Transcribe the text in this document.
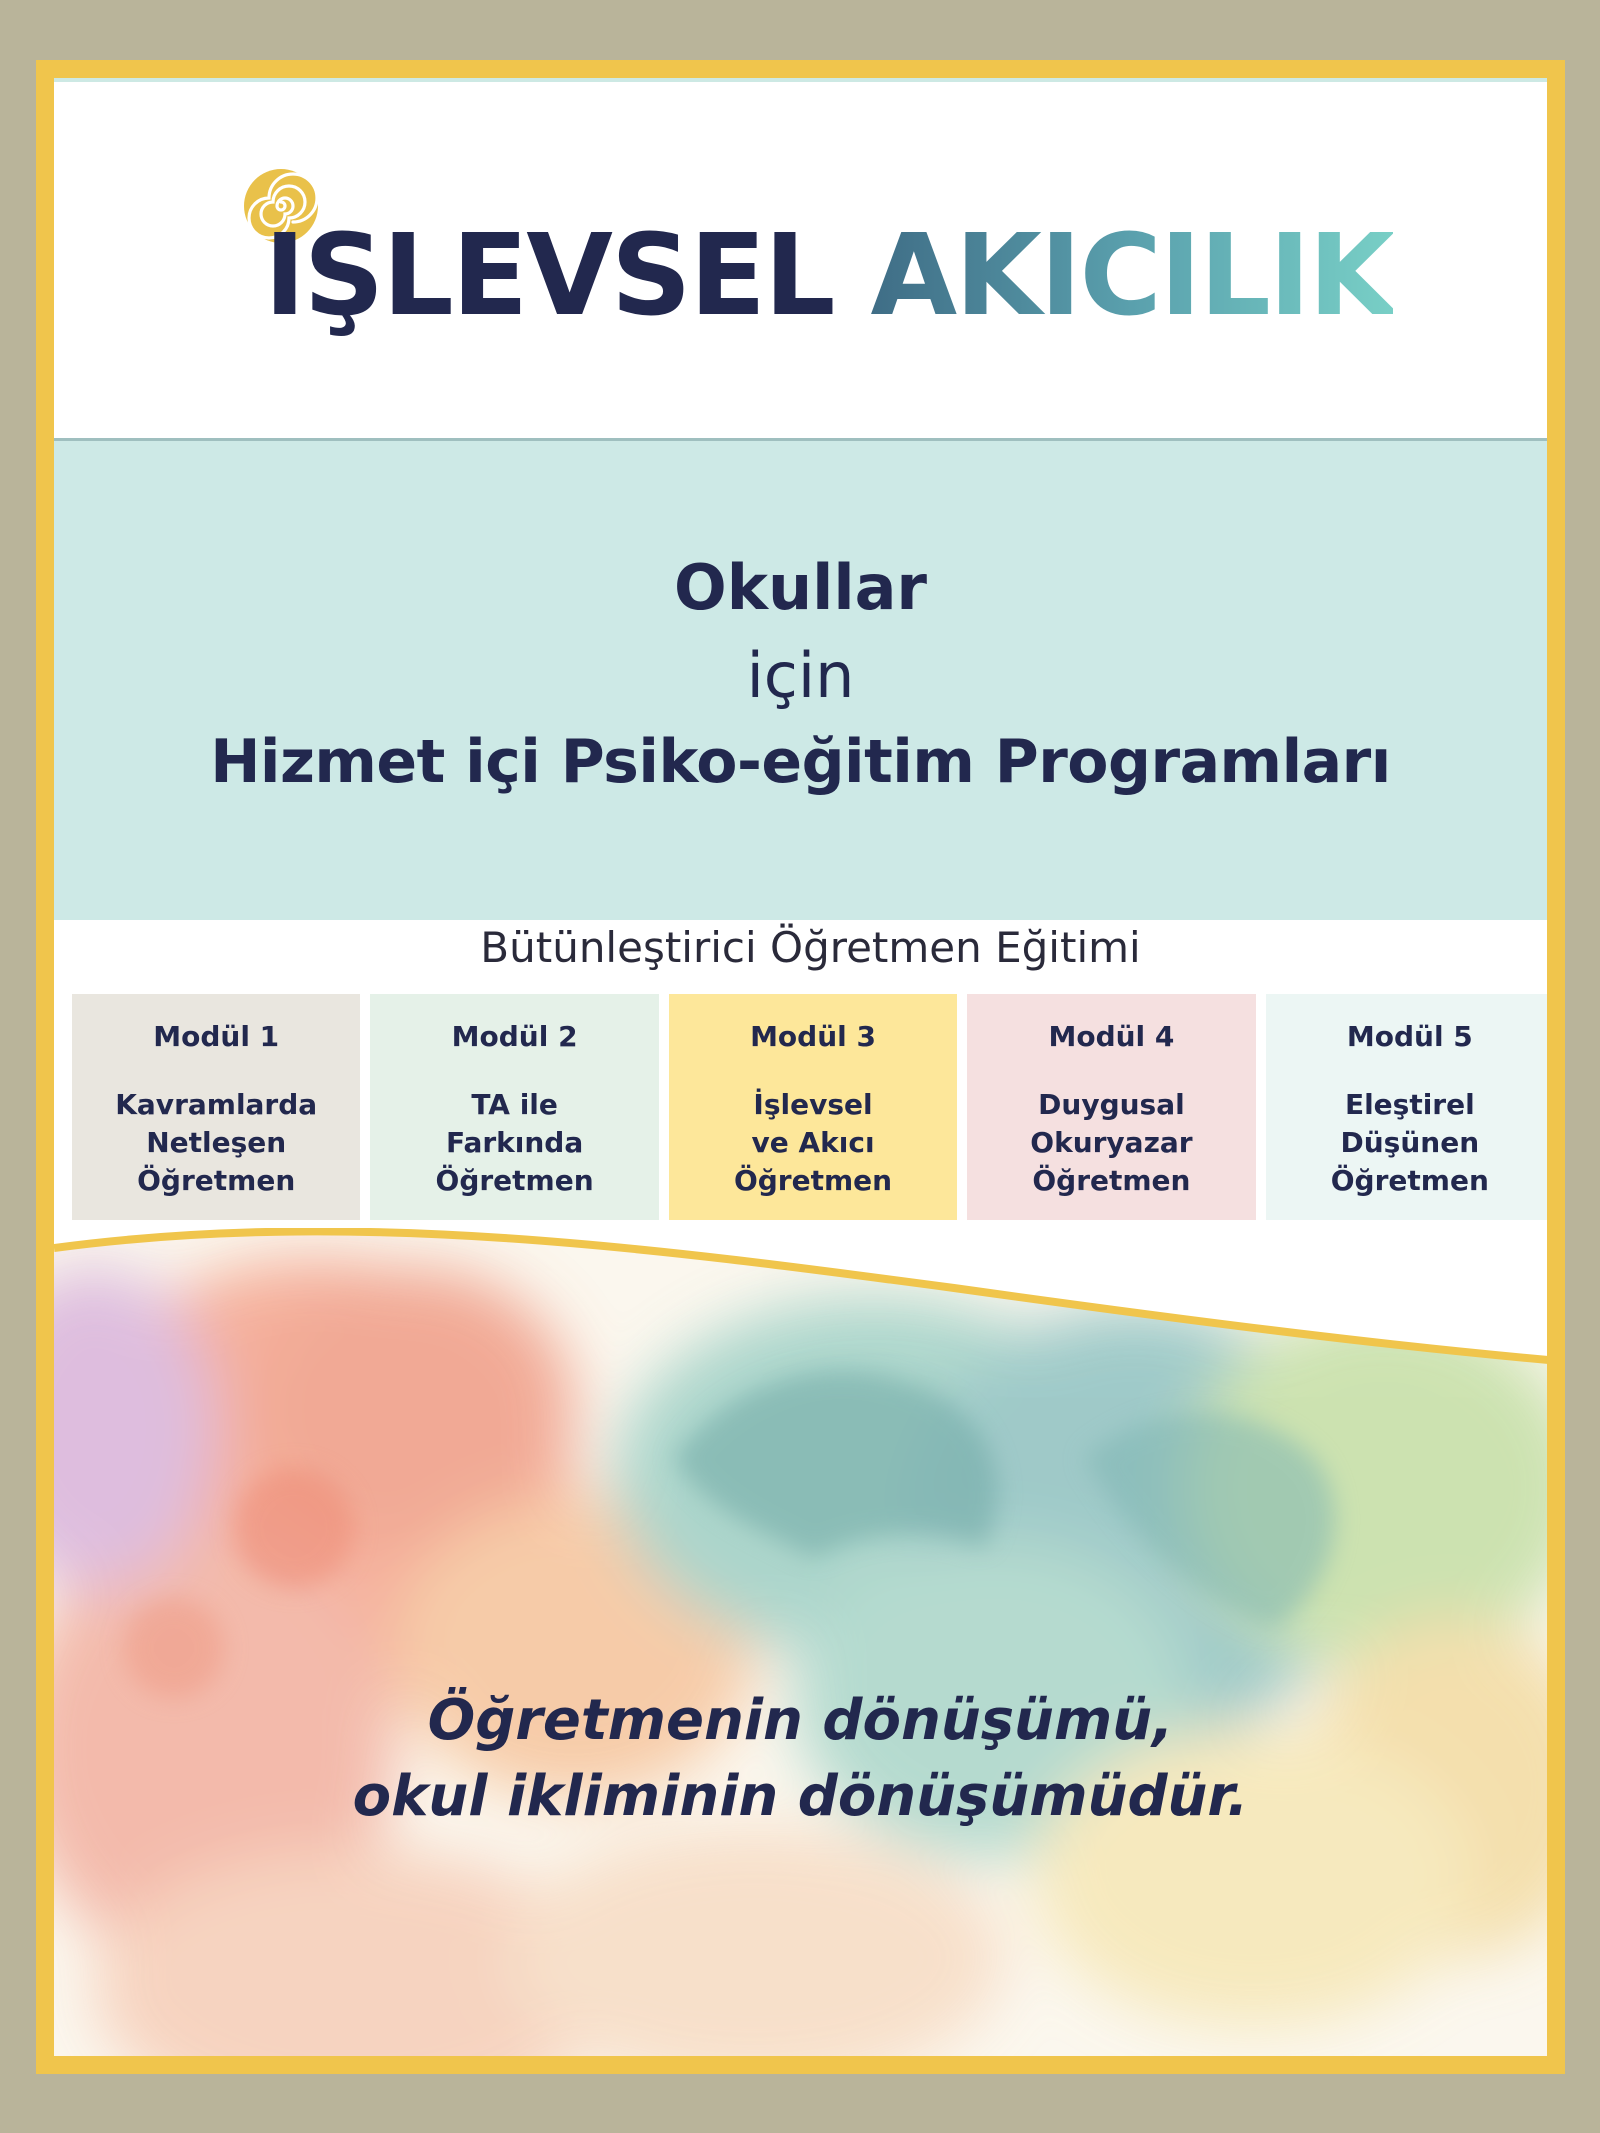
IŞLEVSEL AKICILIK
Okullar
için
Hizmet içi Psiko-eğitim Programları
Bütünleştirici Öğretmen Eğitimi
Modül 1
Kavramlarda
Netleşen
Öğretmen
Modül 2
TA ile
Farkında
Öğretmen
Modül 3
İşlevsel
ve Akıcı
Öğretmen
Modül 4
Duygusal
Okuryazar
Öğretmen
Modül 5
Eleştirel
Düşünen
Öğretmen
Öğretmenin dönüşümü,
okul ikliminin dönüşümüdür.
